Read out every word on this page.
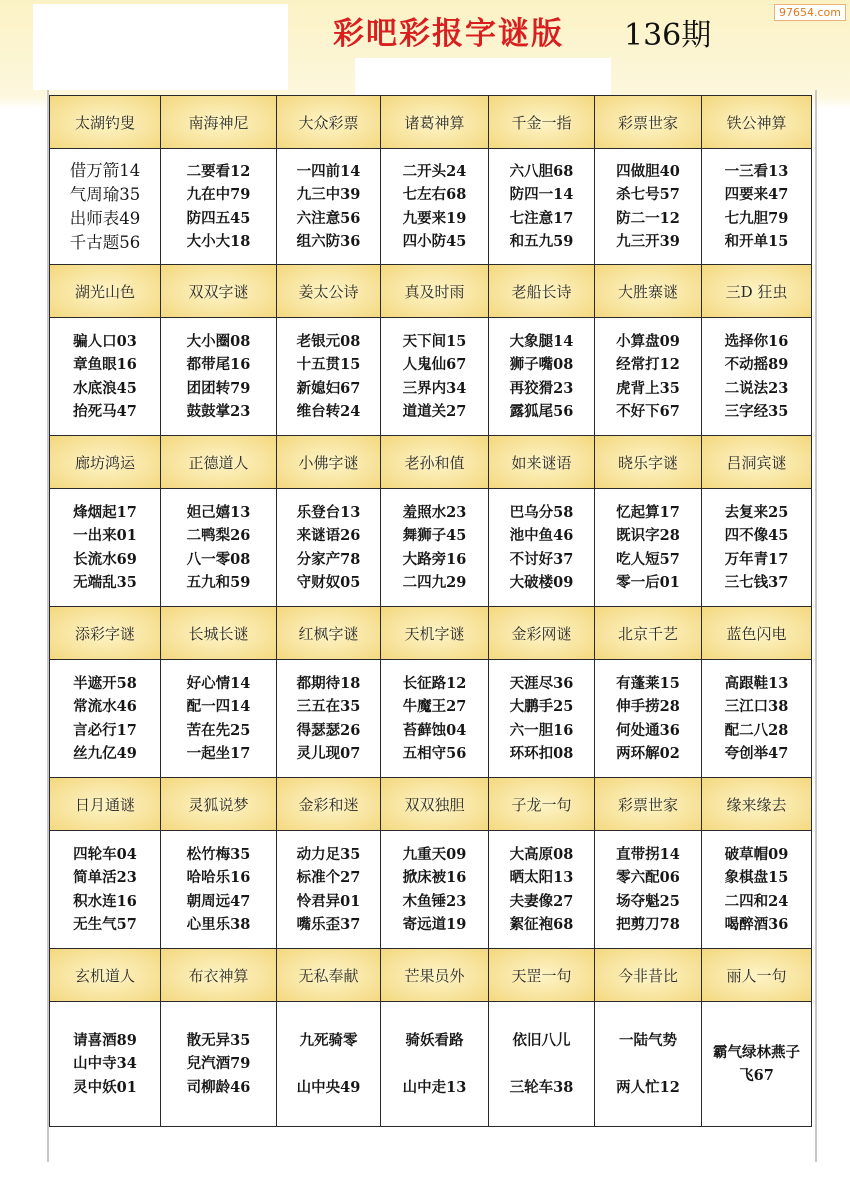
彩吧彩报字谜版 136期
97654.com
太湖钓叟	南海神尼	大众彩票	诸葛神算	千金一指	彩票世家	铁公神算

借万箭14
气周瑜35
出师表49
千古题56	二要看12
九在中79
防四五45
大小大18	一四前14
九三中39
六注意56
组六防36	二开头24
七左右68
九要来19
四小防45	六八胆68
防四一14
七注意17
和五九59	四做胆40
杀七号57
防二一12
九三开39	一三看13
四要来47
七九胆79
和开单15

湖光山色	双双字谜	姜太公诗	真及时雨	老船长诗	大胜寨谜	三D 狂虫

骗人口03
章鱼眼16
水底浪45
抬死马47	大小圈08
都带尾16
团团转79
鼓鼓掌23	老银元08
十五贯15
新媳妇67
维台转24	天下间15
人鬼仙67
三界内34
道道关27	大象腿14
狮子嘴08
再狡猾23
露狐尾56	小算盘09
经常打12
虎背上35
不好下67	选择你16
不动摇89
二说法23
三字经35

廊坊鸿运	正德道人	小佛字谜	老孙和值	如来谜语	晓乐字谜	吕洞宾谜

烽烟起17
一出来01
长流水69
无端乱35	妲己嬉13
二鸭梨26
八一零08
五九和59	乐登台13
来谜语26
分家产78
守财奴05	羞照水23
舞狮子45
大路旁16
二四九29	巴乌分58
池中鱼46
不讨好37
大破楼09	忆起算17
既识字28
吃人短57
零一后01	去复来25
四不像45
万年青17
三七钱37

添彩字谜	长城长谜	红枫字谜	天机字谜	金彩网谜	北京千艺	蓝色闪电

半遮开58
常流水46
言必行17
丝九亿49	好心情14
配一四14
苦在先25
一起坐17	都期待18
三五在35
得瑟瑟26
灵儿现07	长征路12
牛魔王27
苔藓蚀04
五相守56	天涯尽36
大鹏手25
六一胆16
环环扣08	有蓬莱15
伸手捞28
何处通36
两环解02	高跟鞋13
三江口38
配二八28
夸创举47

日月通谜	灵狐说梦	金彩和迷	双双独胆	子龙一句	彩票世家	缘来缘去

四轮车04
简单活23
积水连16
无生气57	松竹梅35
哈哈乐16
朝周远47
心里乐38	动力足35
标准个27
怜君异01
嘴乐歪37	九重天09
掀床被16
木鱼锤23
寄远道19	大高原08
晒太阳13
夫妻像27
絮征袍68	直带拐14
零六配06
场夺魁25
把剪刀78	破草帽09
象棋盘15
二四和24
喝醉酒36

玄机道人	布衣神算	无私奉献	芒果员外	天罡一句	今非昔比	丽人一句

请喜酒89
山中寺34
灵中妖01	散无异35
兒汽酒79
司柳龄46	九死骑零

山中央49	骑妖看路

山中走13	依旧八儿

三轮车38	一陆气势

两人忙12	霸气绿林燕子飞67
